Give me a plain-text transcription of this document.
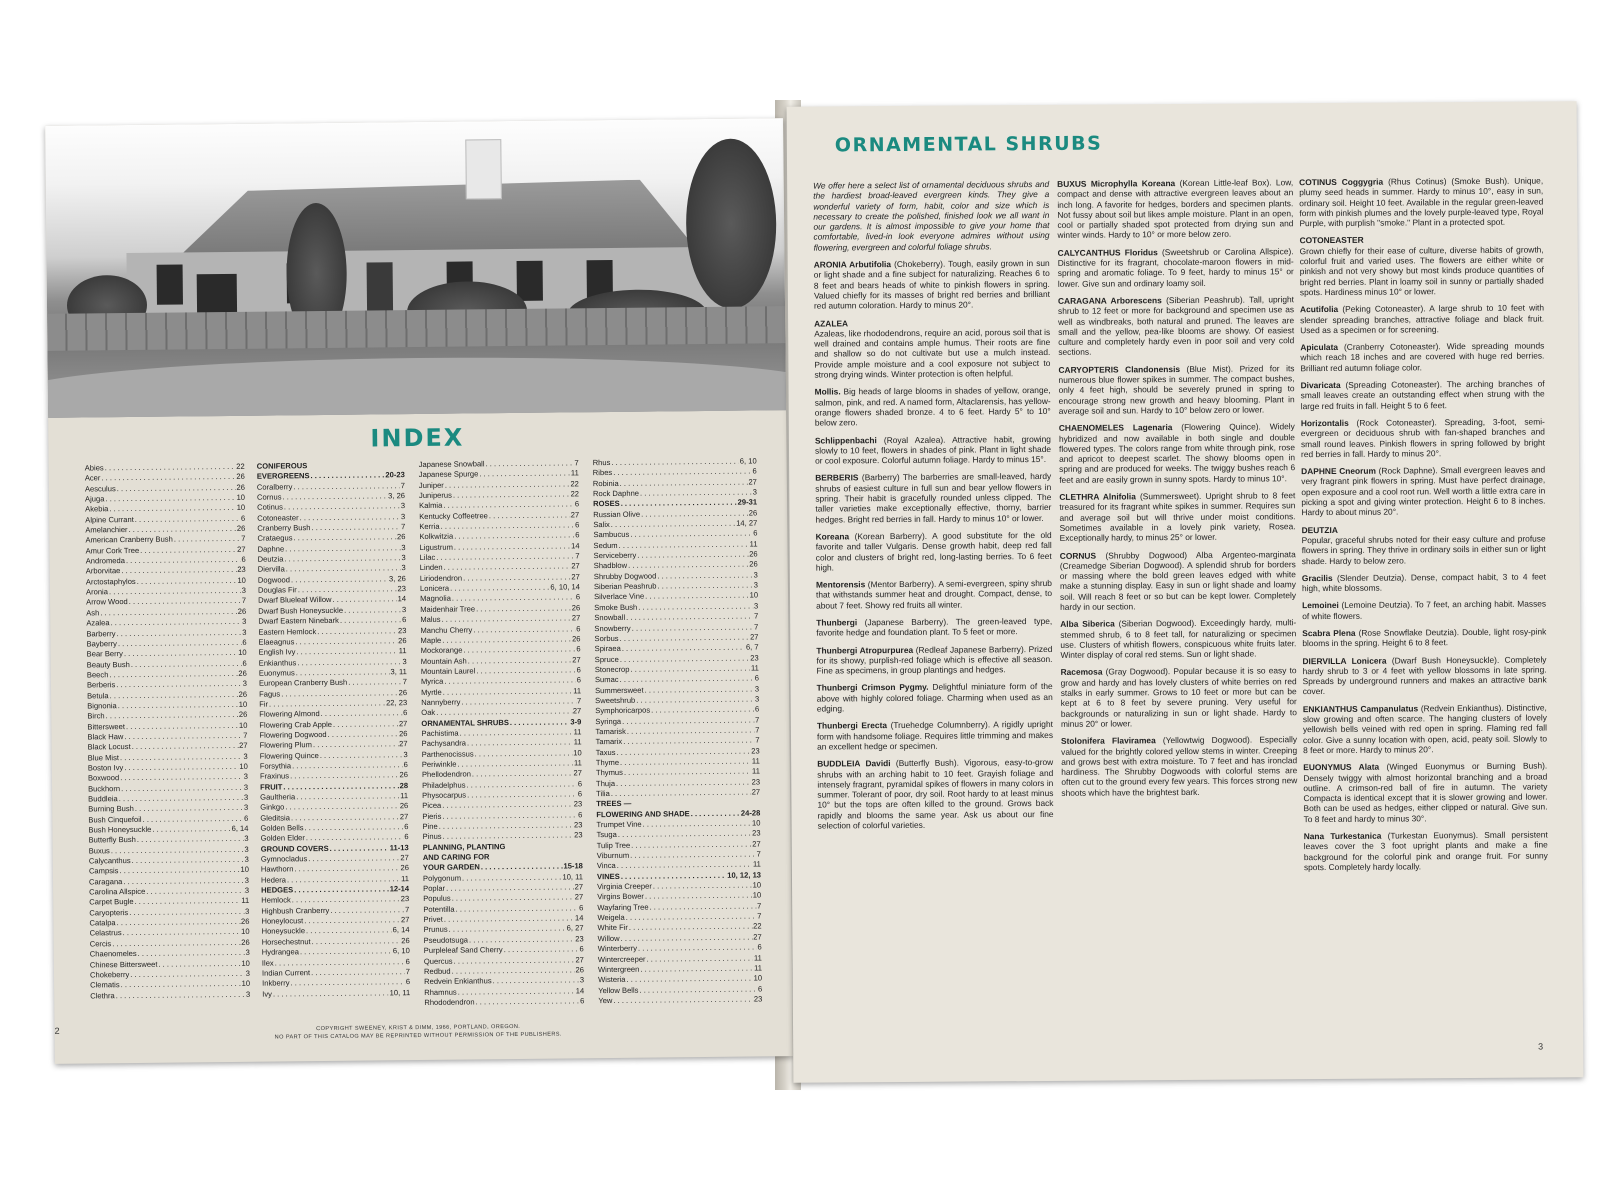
INDEX
Abies . . .	22
Acer . . .	26
Aesculus . . .	26
Ajuga . . .	10
Akebia . . .	10
Alpine Currant . . .	6
Amelanchier . . .	26
American Cranberry Bush . . .	7
Amur Cork Tree . . .	27
Andromeda . . .	6
Arborvitae . . .	23
Arctostaphylos . . .	10
Aronia . . .	3
Arrow Wood . . .	7
Ash . . .	26
Azalea . . .	3
Barberry . . .	3
Bayberry . . .	6
Bear Berry . . .	10
Beauty Bush . . .	6
Beech . . .	26
Berberis . . .	3
Betula . . .	26
Bignonia . . .	10
Birch . . .	26
Bittersweet . . .	10
Black Haw . . .	7
Black Locust . . .	27
Blue Mist . . .	3
Boston Ivy . . .	10
Boxwood . . .	3
Buckhorn . . .	3
Buddleia . . .	3
Burning Bush . . .	3
Bush Cinquefoil . . .	6
Bush Honeysuckle . . .	6, 14
Butterfly Bush . . .	3
Buxus . . .	3
Calycanthus . . .	3
Campsis . . .	10
Caragana . . .	3
Carolina Allspice . . .	3
Carpet Bugle . . .	11
Caryopteris . . .	3
Catalpa . . .	26
Celastrus . . .	10
Cercis . . .	26
Chaenomeles . . .	3
Chinese Bittersweet . . .	10
Chokeberry . . .	3
Clematis . . .	10
Clethra . . .	3
CONIFEROUS
EVERGREENS . . .	20-23
Coralberry . . .	7
Cornus . . .	3, 26
Cotinus . . .	3
Cotoneaster . . .	3
Cranberry Bush . . .	7
Crataegus . . .	26
Daphne . . .	3
Deutzia . . .	3
Diervilla . . .	3
Dogwood . . .	3, 26
Douglas Fir . . .	23
Dwarf Blueleaf Willow . . .	14
Dwarf Bush Honeysuckle . . .	3
Dwarf Eastern Ninebark . . .	6
Eastern Hemlock . . .	23
Elaeagnus . . .	26
English Ivy . . .	11
Enkianthus . . .	3
Euonymus . . .	3, 11
European Cranberry Bush . . .	7
Fagus . . .	26
Fir . . .	22, 23
Flowering Almond . . .	6
Flowering Crab Apple . . .	27
Flowering Dogwood . . .	26
Flowering Plum . . .	27
Flowering Quince . . .	3
Forsythia . . .	6
Fraxinus . . .	26
FRUIT . . .	28
Gaultheria . . .	11
Ginkgo . . .	26
Gleditsia . . .	27
Golden Bells . . .	6
Golden Elder . . .	6
GROUND COVERS . . .	11-13
Gymnocladus . . .	27
Hawthorn . . .	26
Hedera . . .	11
HEDGES . . .	12-14
Hemlock . . .	23
Highbush Cranberry . . .	7
Honeylocust . . .	27
Honeysuckle . . .	6, 14
Horsechestnut . . .	26
Hydrangea . . .	6, 10
Ilex . . .	6
Indian Current . . .	7
Inkberry . . .	6
Ivy . . .	10, 11
Japanese Snowball . . .	7
Japanese Spurge . . .	11
Juniper . . .	22
Juniperus . . .	22
Kalmia . . .	6
Kentucky Coffeetree . . .	27
Kerria . . .	6
Kolkwitzia . . .	6
Ligustrum . . .	14
Lilac . . .	7
Linden . . .	27
Liriodendron . . .	27
Lonicera . . .	6, 10, 14
Magnolia . . .	6
Maidenhair Tree . . .	26
Malus . . .	27
Manchu Cherry . . .	6
Maple . . .	26
Mockorange . . .	6
Mountain Ash . . .	27
Mountain Laurel . . .	6
Myrica . . .	6
Myrtle . . .	11
Nannyberry . . .	7
Oak . . .	27
ORNAMENTAL SHRUBS . . .	3-9
Pachistima . . .	11
Pachysandra . . .	11
Parthenocissus . . .	10
Periwinkle . . .	11
Phellodendron . . .	27
Philadelphus . . .	6
Physocarpus . . .	6
Picea . . .	23
Pieris . . .	6
Pine . . .	23
Pinus . . .	23
PLANNING, PLANTING
AND CARING FOR
YOUR GARDEN . . .	15-18
Polygonum . . .	10, 11
Poplar . . .	27
Populus . . .	27
Potentilla . . .	6
Privet . . .	14
Prunus . . .	6, 27
Pseudotsuga . . .	23
Purpleleaf Sand Cherry . . .	6
Quercus . . .	27
Redbud . . .	26
Redvein Enkianthus . . .	3
Rhamnus . . .	14
Rhododendron . . .	6
Rhus . . .	6, 10
Ribes . . .	6
Robinia . . .	27
Rock Daphne . . .	3
ROSES . . .	29-31
Russian Olive . . .	26
Salix . . .	14, 27
Sambucus . . .	6
Sedum . . .	11
Serviceberry . . .	26
Shadblow . . .	26
Shrubby Dogwood . . .	3
Siberian Peashrub . . .	3
Silverlace Vine . . .	10
Smoke Bush . . .	3
Snowball . . .	7
Snowberry . . .	7
Sorbus . . .	27
Spiraea . . .	6, 7
Spruce . . .	23
Stonecrop . . .	11
Sumac . . .	6
Summersweet . . .	3
Sweetshrub . . .	3
Symphoricarpos . . .	6
Syringa . . .	7
Tamarisk . . .	7
Tamarix . . .	7
Taxus . . .	23
Thyme . . .	11
Thymus . . .	11
Thuja . . .	23
Tilia . . .	27
TREES —
FLOWERING AND SHADE . . .	24-28
Trumpet Vine . . .	10
Tsuga . . .	23
Tulip Tree . . .	27
Viburnum . . .	7
Vinca . . .	11
VINES . . .	10, 12, 13
Virginia Creeper . . .	10
Virgins Bower . . .	10
Wayfaring Tree . . .	7
Weigela . . .	7
White Fir . . .	22
Willow . . .	27
Winterberry . . .	6
Wintercreeper . . .	11
Wintergreen . . .	11
Wisteria . . .	10
Yellow Bells . . .	6
Yew . . .	23
2	COPYRIGHT SWEENEY, KRIST & DIMM, 1966, PORTLAND, OREGON.
NO PART OF THIS CATALOG MAY BE REPRINTED WITHOUT PERMISSION OF THE PUBLISHERS.
ORNAMENTAL SHRUBS

We offer here a select list of ornamental deciduous shrubs and the hardiest broad-leaved evergreen kinds. They give a wonderful variety of form, habit, color and size which is necessary to create the polished, finished look we all want in our gardens. It is almost impossible to give your home that comfortable, lived-in look everyone admires without using flowering, evergreen and colorful foliage shrubs.

ARONIA Arbutifolia (Chokeberry). Tough, easily grown in sun or light shade and a fine subject for naturalizing. Reaches 6 to 8 feet and bears heads of white to pinkish flowers in spring. Valued chiefly for its masses of bright red berries and brilliant red autumn coloration. Hardy to minus 20°.

AZALEA
Azaleas, like rhododendrons, require an acid, porous soil that is well drained and contains ample humus. Their roots are fine and shallow so do not cultivate but use a mulch instead. Provide ample moisture and a cool exposure not subject to strong drying winds. Winter protection is often helpful.

Mollis. Big heads of large blooms in shades of yellow, orange, salmon, pink, and red. A named form, Altaclarensis, has yellow-orange flowers shaded bronze. 4 to 6 feet. Hardy 5° to 10° below zero.

Schlippenbachi (Royal Azalea). Attractive habit, growing slowly to 10 feet, flowers in shades of pink. Plant in light shade or cool exposure. Colorful autumn foliage. Hardy to minus 15°.

BERBERIS (Barberry) The barberries are small-leaved, hardy shrubs of easiest culture in full sun and bear yellow flowers in spring. Their habit is gracefully rounded unless clipped. The taller varieties make exceptionally effective, thorny, barrier hedges. Bright red berries in fall. Hardy to minus 10° or lower.

Koreana (Korean Barberry). A good substitute for the old favorite and taller Vulgaris. Dense growth habit, deep red fall color and clusters of bright red, long-lasting berries. To 6 feet high.

Mentorensis (Mentor Barberry). A semi-evergreen, spiny shrub that withstands summer heat and drought. Compact, dense, to about 7 feet. Showy red fruits all winter.

Thunbergi (Japanese Barberry). The green-leaved type, favorite hedge and foundation plant. To 5 feet or more.

Thunbergi Atropurpurea (Redleaf Japanese Barberry). Prized for its showy, purplish-red foliage which is effective all season. Fine as specimens, in group plantings and hedges.

Thunbergi Crimson Pygmy. Delightful miniature form of the above with highly colored foliage. Charming when used as an edging.

Thunbergi Erecta (Truehedge Columnberry). A rigidly upright form with handsome foliage. Requires little trimming and makes an excellent hedge or specimen.

BUDDLEIA Davidi (Butterfly Bush). Vigorous, easy-to-grow shrubs with an arching habit to 10 feet. Grayish foliage and intensely fragrant, pyramidal spikes of flowers in many colors in summer. Tolerant of poor, dry soil. Root hardy to at least minus 10° but the tops are often killed to the ground. Grows back rapidly and blooms the same year. Ask us about our fine selection of colorful varieties.

BUXUS Microphylla Koreana (Korean Little-leaf Box). Low, compact and dense with attractive evergreen leaves about an inch long. A favorite for hedges, borders and specimen plants. Not fussy about soil but likes ample moisture. Plant in an open, cool or partially shaded spot protected from drying sun and winter winds. Hardy to 10° or more below zero.

CALYCANTHUS Floridus (Sweetshrub or Carolina Allspice). Distinctive for its fragrant, chocolate-maroon flowers in mid-spring and aromatic foliage. To 9 feet, hardy to minus 15° or lower. Give sun and ordinary loamy soil.

CARAGANA Arborescens (Siberian Peashrub). Tall, upright shrub to 12 feet or more for background and specimen use as well as windbreaks, both natural and pruned. The leaves are small and the yellow, pea-like blooms are showy. Of easiest culture and completely hardy even in poor soil and very cold sections.

CARYOPTERIS Clandonensis (Blue Mist). Prized for its numerous blue flower spikes in summer. The compact bushes, only 4 feet high, should be severely pruned in spring to encourage strong new growth and heavy blooming. Plant in average soil and sun. Hardy to 10° below zero or lower.

CHAENOMELES Lagenaria (Flowering Quince). Widely hybridized and now available in both single and double flowered types. The colors range from white through pink, rose and apricot to deepest scarlet. The showy blooms open in spring and are produced for weeks. The twiggy bushes reach 6 feet and are easily grown in sunny spots. Hardy to minus 10°.

CLETHRA Alnifolia (Summersweet). Upright shrub to 8 feet treasured for its fragrant white spikes in summer. Requires sun and average soil but will thrive under moist conditions. Sometimes available in a lovely pink variety, Rosea. Exceptionally hardy, to minus 25° or lower.

CORNUS (Shrubby Dogwood) Alba Argenteo-marginata (Creamedge Siberian Dogwood). A splendid shrub for borders or massing where the bold green leaves edged with white make a stunning display. Easy in sun or light shade and loamy soil. Will reach 8 feet or so but can be kept lower. Completely hardy in our section.

Alba Siberica (Siberian Dogwood). Exceedingly hardy, multi-stemmed shrub, 6 to 8 feet tall, for naturalizing or specimen use. Clusters of whitish flowers, conspicuous white fruits later. Winter display of coral red stems. Sun or light shade.

Racemosa (Gray Dogwood). Popular because it is so easy to grow and hardy and has lovely clusters of white berries on red stalks in early summer. Grows to 10 feet or more but can be kept at 6 to 8 feet by severe pruning. Very useful for backgrounds or naturalizing in sun or light shade. Hardy to minus 20° or lower.

Stolonifera Flaviramea (Yellowtwig Dogwood). Especially valued for the brightly colored yellow stems in winter. Creeping and grows best with extra moisture. To 7 feet and has ironclad hardiness. The Shrubby Dogwoods with colorful stems are often cut to the ground every few years. This forces strong new shoots which have the brightest bark.

COTINUS Coggygria (Rhus Cotinus) (Smoke Bush). Unique, plumy seed heads in summer. Hardy to minus 10°, easy in sun, ordinary soil. Height 10 feet. Available in the regular green-leaved form with pinkish plumes and the lovely purple-leaved type, Royal Purple, with purplish "smoke." Plant in a protected spot.

COTONEASTER
Grown chiefly for their ease of culture, diverse habits of growth, colorful fruit and varied uses. The flowers are either white or pinkish and not very showy but most kinds produce quantities of bright red berries. Plant in loamy soil in sunny or partially shaded spots. Hardiness minus 10° or lower.

Acutifolia (Peking Cotoneaster). A large shrub to 10 feet with slender spreading branches, attractive foliage and black fruit. Used as a specimen or for screening.

Apiculata (Cranberry Cotoneaster). Wide spreading mounds which reach 18 inches and are covered with huge red berries. Brilliant red autumn foliage color.

Divaricata (Spreading Cotoneaster). The arching branches of small leaves create an outstanding effect when strung with the large red fruits in fall. Height 5 to 6 feet.

Horizontalis (Rock Cotoneaster). Spreading, 3-foot, semi-evergreen or deciduous shrub with fan-shaped branches and small round leaves. Pinkish flowers in spring followed by bright red berries in fall. Hardy to minus 20°.

DAPHNE Cneorum (Rock Daphne). Small evergreen leaves and very fragrant pink flowers in spring. Must have perfect drainage, open exposure and a cool root run. Well worth a little extra care in picking a spot and giving winter protection. Height 6 to 8 inches. Hardy to about minus 20°.

DEUTZIA
Popular, graceful shrubs noted for their easy culture and profuse flowers in spring. They thrive in ordinary soils in either sun or light shade. Hardy to below zero.

Gracilis (Slender Deutzia). Dense, compact habit, 3 to 4 feet high, white blossoms.

Lemoinei (Lemoine Deutzia). To 7 feet, an arching habit. Masses of white flowers.

Scabra Plena (Rose Snowflake Deutzia). Double, light rosy-pink blooms in the spring. Height 6 to 8 feet.

DIERVILLA Lonicera (Dwarf Bush Honeysuckle). Completely hardy shrub to 3 or 4 feet with yellow blossoms in late spring. Spreads by underground runners and makes an attractive bank cover.

ENKIANTHUS Campanulatus (Redvein Enkianthus). Distinctive, slow growing and often scarce. The hanging clusters of lovely yellowish bells veined with red open in spring. Flaming red fall color. Give a sunny location with open, acid, peaty soil. Slowly to 8 feet or more. Hardy to minus 20°.

EUONYMUS Alata (Winged Euonymus or Burning Bush). Densely twiggy with almost horizontal branching and a broad outline. A crimson-red ball of fire in autumn. The variety Compacta is identical except that it is slower growing and lower. Both can be used as hedges, either clipped or natural. Give sun. To 8 feet and hardy to minus 30°.

Nana Turkestanica (Turkestan Euonymus). Small persistent leaves cover the 3 foot upright plants and make a fine background for the colorful pink and orange fruit. For sunny spots. Completely hardy locally.

3
